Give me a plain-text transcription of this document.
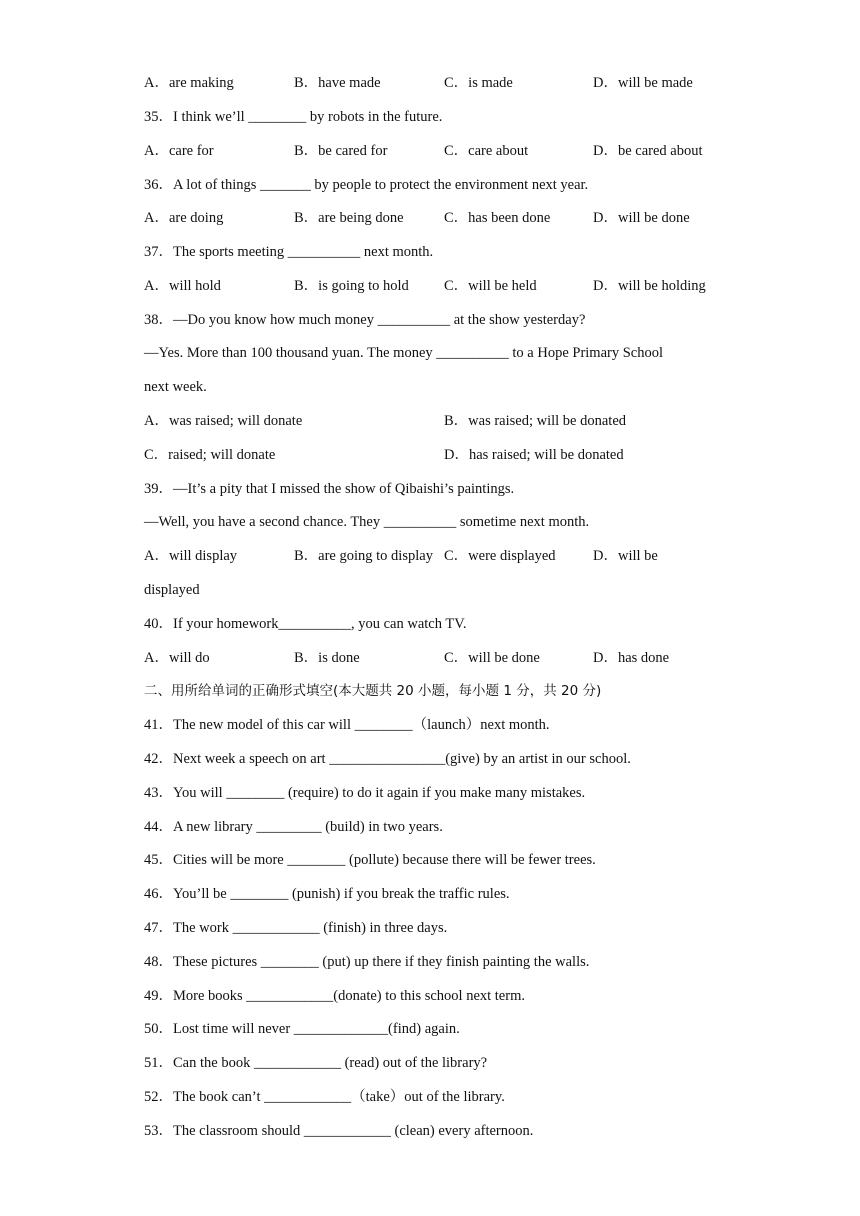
A．are making	B．have made	C．is made	D．will be made
35．I think we’ll ________ by robots in the future.
A．care for	B．be cared for	C．care about	D．be cared about
36．A lot of things _______ by people to protect the environment next year.
A．are doing	B．are being done	C．has been done	D．will be done
37．The sports meeting __________ next month.
A．will hold	B．is going to hold C．will be held	D．will be holding
38．—Do you know how much money __________ at the show yesterday?
—Yes. More than 100 thousand yuan. The money __________ to a Hope Primary School
next week.
A．was raised; will donate	B．was raised; will be donated
C．raised; will donate	D．has raised; will be donated
39．—It’s a pity that I missed the show of Qibaishi’s paintings.
—Well, you have a second chance. They __________ sometime next month.
A．will display	B．are going to display C．were displayed	D．will be
displayed
40．If your homework__________, you can watch TV.
A．will do	B．is done	C．will be done	D．has done
二、用所给单词的正确形式填空(本大题共 20 小题，每小题 1 分，共 20 分)
41．The new model of this car will ________（launch）next month.
42．Next week a speech on art ________________(give) by an artist in our school.
43．You will ________ (require) to do it again if you make many mistakes.
44．A new library _________ (build) in two years.
45．Cities will be more ________ (pollute) because there will be fewer trees.
46．You’ll be ________ (punish) if you break the traffic rules.
47．The work ____________ (finish) in three days.
48．These pictures ________ (put) up there if they finish painting the walls.
49．More books ____________(donate) to this school next term.
50．Lost time will never _____________(find) again.
51．Can the book ____________ (read) out of the library?
52．The book can’t ____________（take）out of the library.
53．The classroom should ____________ (clean) every afternoon.
